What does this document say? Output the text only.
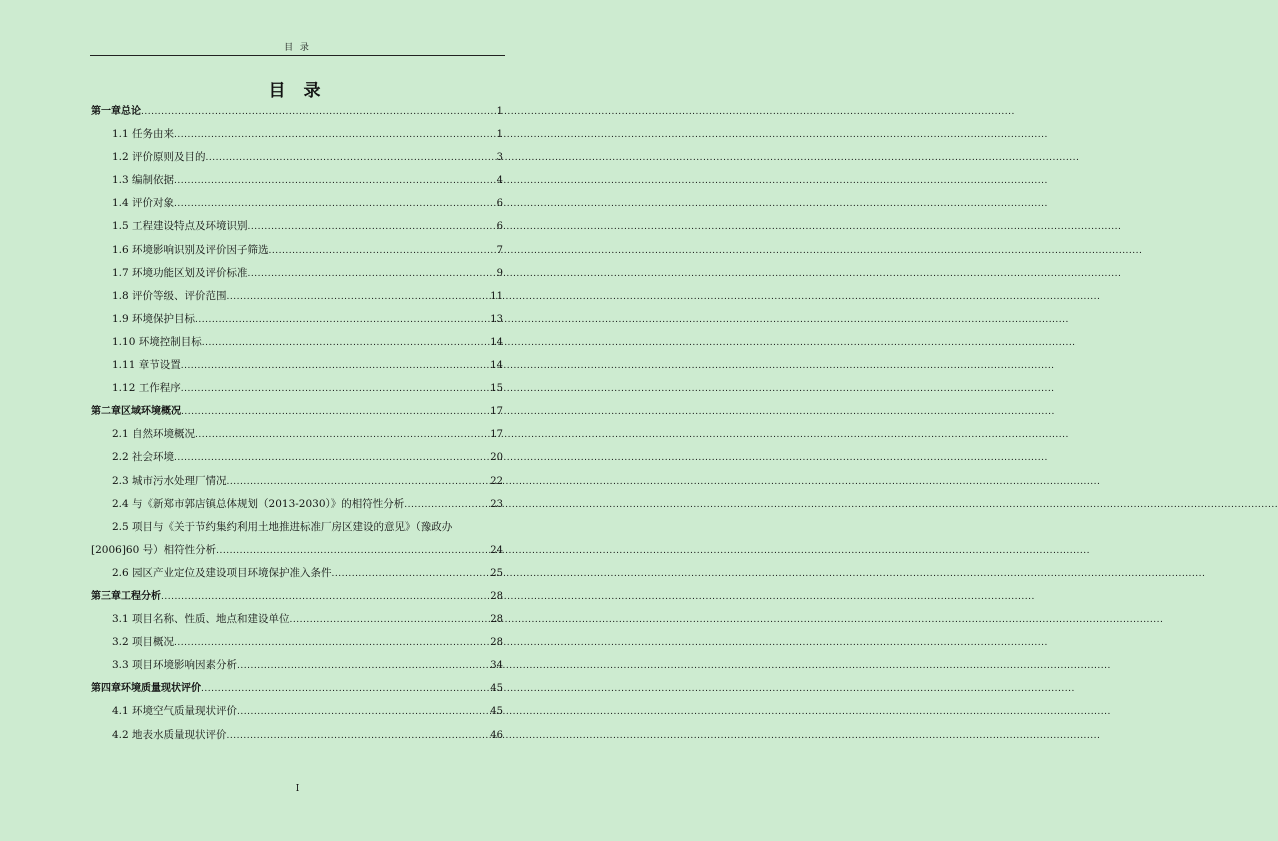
目 录
目 录
第一章 总论 .....	1
1.1 任务由来 .....	1
1.2 评价原则及目的 .....	3
1.3 编制依据 .....	4
1.4 评价对象 .....	6
1.5 工程建设特点及环境识别 .....	6
1.6 环境影响识别及评价因子筛选 .....	7
1.7 环境功能区划及评价标准 .....	9
1.8 评价等级、评价范围 .....	11
1.9 环境保护目标 .....	13
1.10 环境控制目标 .....	14
1.11 章节设置 .....	14
1.12 工作程序 .....	15
第二章 区域环境概况 .....	17
2.1 自然环境概况 .....	17
2.2 社会环境 .....	20
2.3 城市污水处理厂情况 .....	22
2.4 与《新郑市郭店镇总体规划（2013-2030）》的相符性分析 .....	23
2.5 项目与《关于节约集约利用土地推进标准厂房区建设的意见》（豫政办
[2006]60 号）相符性分析 .....	24
2.6 园区产业定位及建设项目环境保护准入条件 .....	25
第三章 工程分析 .....	28
3.1 项目名称、性质、地点和建设单位 .....	28
3.2 项目概况 .....	28
3.3 项目环境影响因素分析 .....	34
第四章 环境质量现状评价 .....	45
4.1 环境空气质量现状评价 .....	45
4.2 地表水质量现状评价 .....	46
I
